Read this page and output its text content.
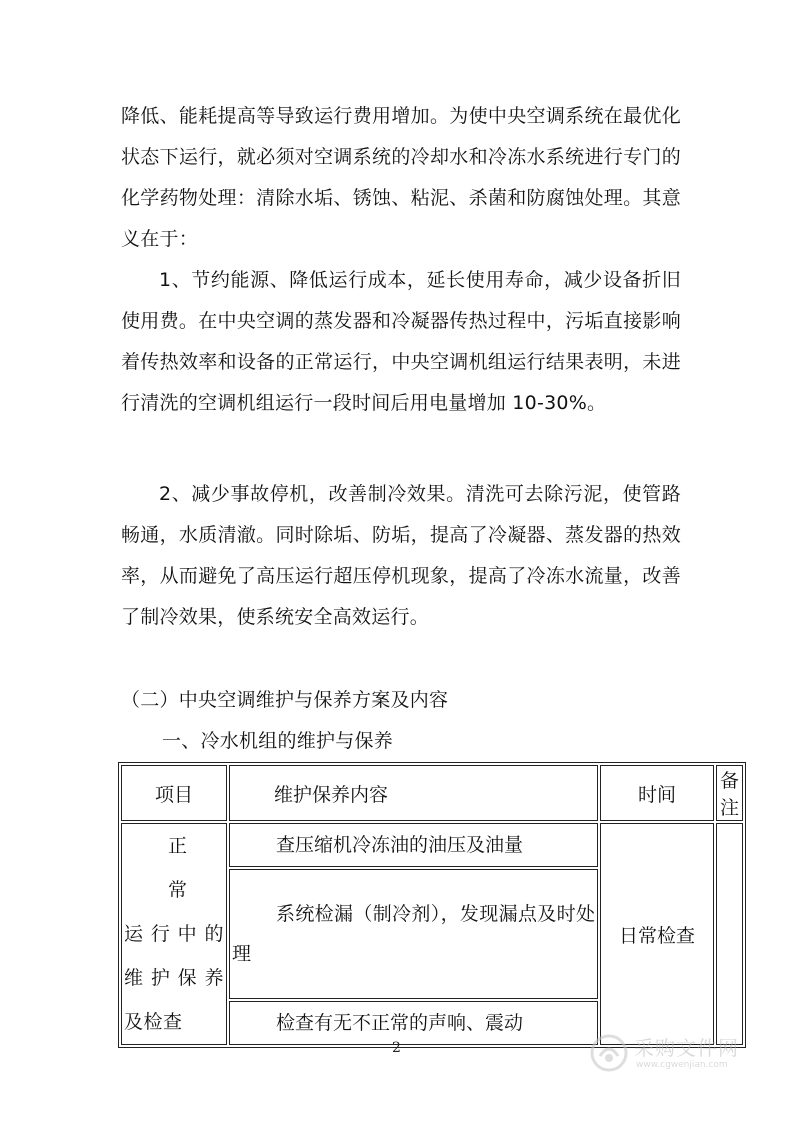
降低、能耗提高等导致运行费用增加。为使中央空调系统在最优化状态下运行，就必须对空调系统的冷却水和冷冻水系统进行专门的化学药物处理：清除水垢、锈蚀、粘泥、杀菌和防腐蚀处理。其意义在于：
1、节约能源、降低运行成本，延长使用寿命，减少设备折旧使用费。在中央空调的蒸发器和冷凝器传热过程中，污垢直接影响着传热效率和设备的正常运行，中央空调机组运行结果表明，未进行清洗的空调机组运行一段时间后用电量增加 10-30%。
2、减少事故停机，改善制冷效果。清洗可去除污泥，使管路畅通，水质清澈。同时除垢、防垢，提高了冷凝器、蒸发器的热效率，从而避免了高压运行超压停机现象，提高了冷冻水流量，改善了制冷效果，使系统安全高效运行。
（二）中央空调维护与保养方案及内容
一、冷水机组的维护与保养
项目	维护保养内容	时间	备注

正　常
运行中的
维护保养
及检查	查压缩机冷冻油的油压及油量	日常检查	
	系统检漏（制冷剂），发现漏点及时处理		
	检查有无不正常的声响、震动		
2	采购文件网
www.cgwenjian.com
